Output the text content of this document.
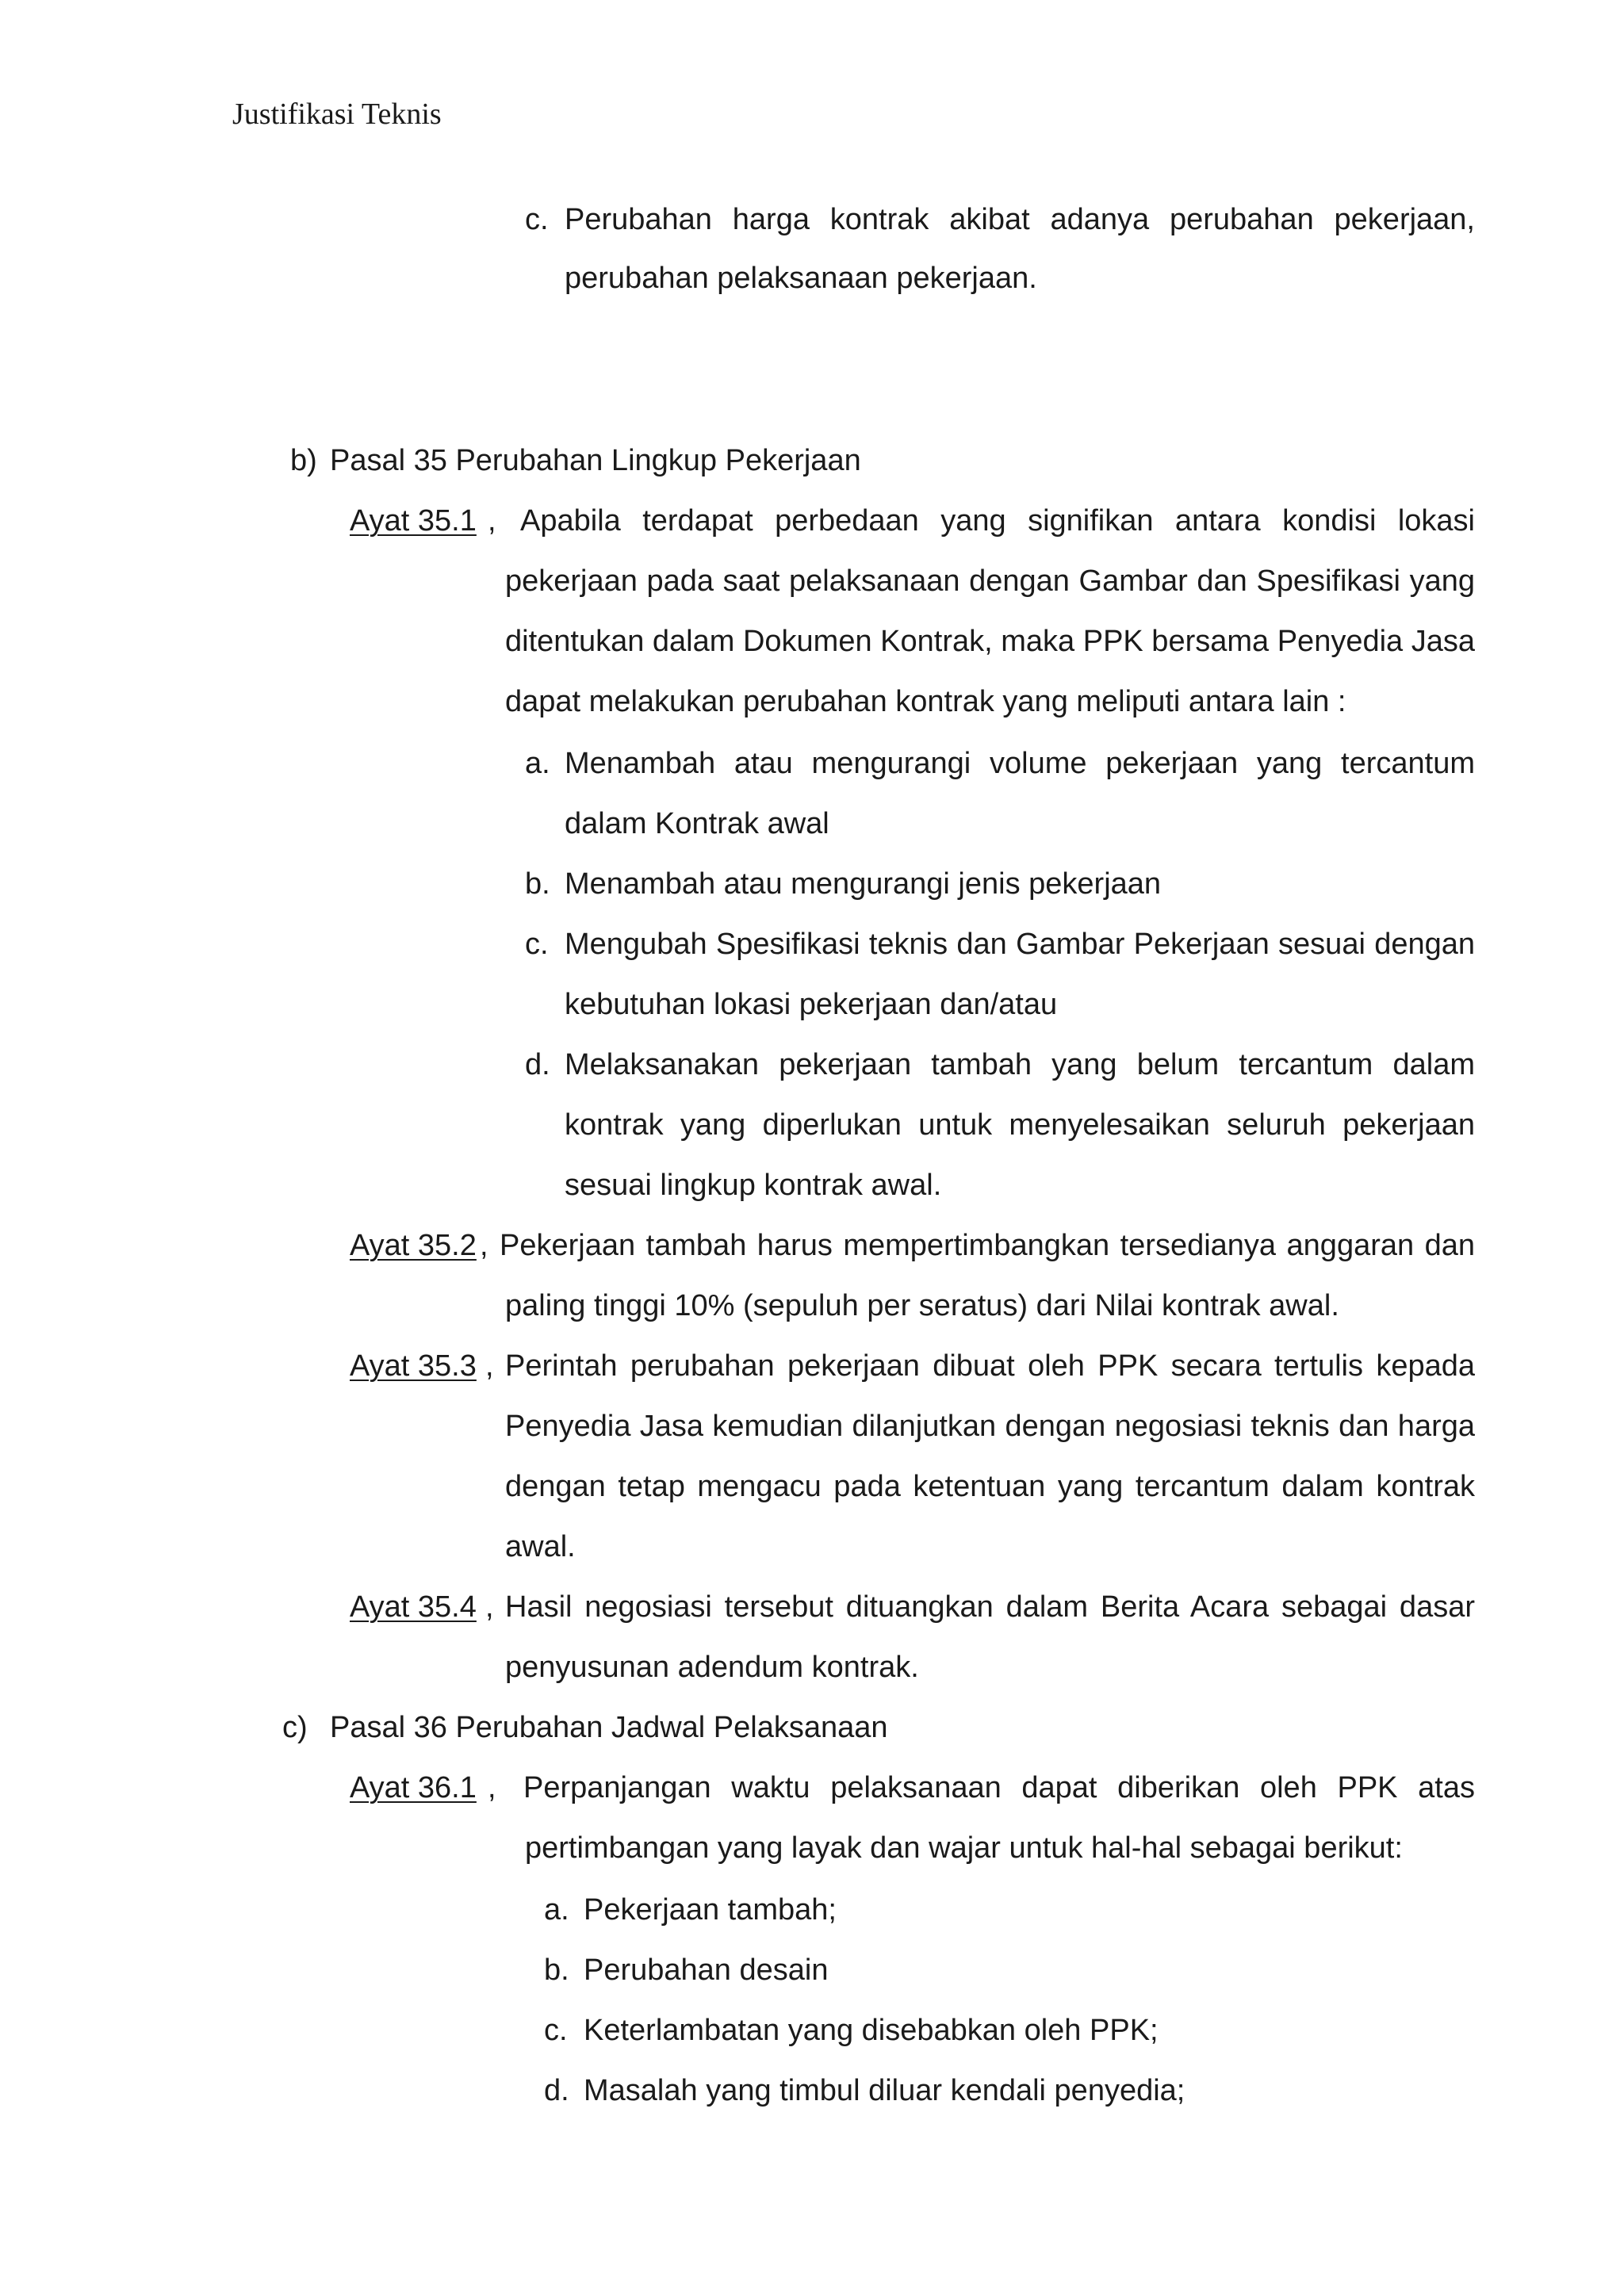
Justifikasi Teknis
c. Perubahan harga kontrak akibat adanya perubahan pekerjaan,
perubahan pelaksanaan pekerjaan.
b) Pasal 35 Perubahan Lingkup Pekerjaan
Ayat 35.1 , Apabila terdapat perbedaan yang signifikan antara kondisi lokasi
pekerjaan pada saat pelaksanaan dengan Gambar dan Spesifikasi yang
ditentukan dalam Dokumen Kontrak, maka PPK bersama Penyedia Jasa
dapat melakukan perubahan kontrak yang meliputi antara lain :
a. Menambah atau mengurangi volume pekerjaan yang tercantum
dalam Kontrak awal
b. Menambah atau mengurangi jenis pekerjaan
c. Mengubah Spesifikasi teknis dan Gambar Pekerjaan sesuai dengan
kebutuhan lokasi pekerjaan dan/atau
d. Melaksanakan pekerjaan tambah yang belum tercantum dalam
kontrak yang diperlukan untuk menyelesaikan seluruh pekerjaan
sesuai lingkup kontrak awal.
Ayat 35.2 , Pekerjaan tambah harus mempertimbangkan tersedianya anggaran dan
paling tinggi 10% (sepuluh per seratus) dari Nilai kontrak awal.
Ayat 35.3 , Perintah perubahan pekerjaan dibuat oleh PPK secara tertulis kepada
Penyedia Jasa kemudian dilanjutkan dengan negosiasi teknis dan harga
dengan tetap mengacu pada ketentuan yang tercantum dalam kontrak
awal.
Ayat 35.4 , Hasil negosiasi tersebut dituangkan dalam Berita Acara sebagai dasar
penyusunan adendum kontrak.
c) Pasal 36 Perubahan Jadwal Pelaksanaan
Ayat 36.1 , Perpanjangan waktu pelaksanaan dapat diberikan oleh PPK atas
pertimbangan yang layak dan wajar untuk hal-hal sebagai berikut:
a. Pekerjaan tambah;
b. Perubahan desain
c. Keterlambatan yang disebabkan oleh PPK;
d. Masalah yang timbul diluar kendali penyedia;
